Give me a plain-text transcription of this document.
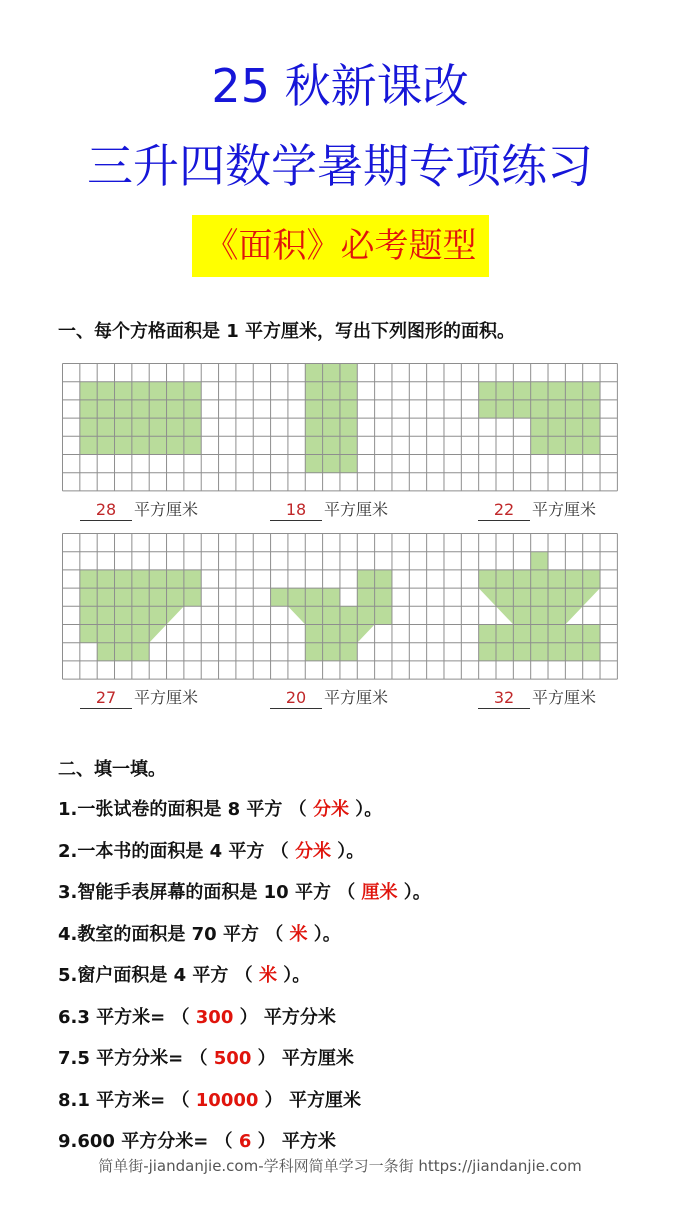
25 秋新课改
三升四数学暑期专项练习
《面积》必考题型
一、每个方格面积是 1 平方厘米，写出下列图形的面积。
28	平方厘米	18	平方厘米	22	平方厘米
27	平方厘米	20	平方厘米	32	平方厘米
二、填一填。
1.一张试卷的面积是 8 平方 （ 分米 ）。
2.一本书的面积是 4 平方 （ 分米 ）。
3.智能手表屏幕的面积是 10 平方 （ 厘米 ）。
4.教室的面积是 70 平方 （ 米 ）。
5.窗户面积是 4 平方 （ 米 ）。
6.3 平方米= （ 300 ） 平方分米
7.5 平方分米= （ 500 ） 平方厘米
8.1 平方米= （ 10000 ） 平方厘米
9.600 平方分米= （ 6 ） 平方米
简单街-jiandanjie.com-学科网简单学习一条街 https://jiandanjie.com
